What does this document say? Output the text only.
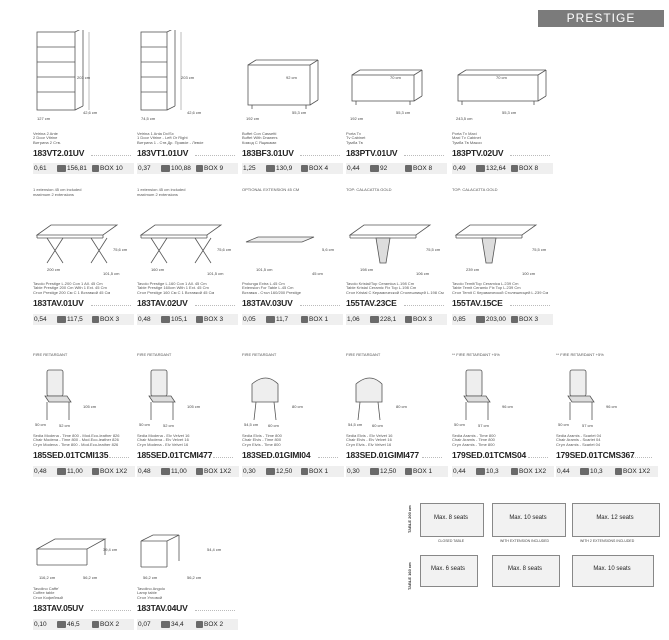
PRESTIGE
127 cm
42,6 cm
203 cm
Vetrina 2 Ante
2 Door Vitrine
Витрина 2 Ств.
183VT2.01UV
0,61	156,81	BOX 10
74,5 cm
42,6 cm
203 cm
Vetrina 1 Anta Dx/Sx
1 Door Vitrine - Left Or Right
Витрина 1 - Ств Др. Правóе - Левóе
183VT1.01UV
0,37	100,88	BOX 9
192 cm
55,3 cm
92 cm
Buffet Con Cassetti
Buffet With Drawers
Комод С Ящиками
183BF3.01UV
1,25	130,9	BOX 4
192 cm
55,3 cm
70 cm
Porta Tv
Tv Cabinet
Тумба Тв
183PTV.01UV
0,44	92	BOX 8
243,5 cm
55,3 cm
70 cm
Porta Tv Maxi
Maxi Tv Cabinet
Тумба Тв Макси
183PTV.02UV
0,49	132,64	BOX 8
1 extension 45 cm included
maximum 2 extensions
200 cm
101,5 cm
75,6 cm
Tavolo Prestige L.200 Con 1 All. 45 Cm
Table Prestige 200 Cm With 1 Ext. 45 Cm
Стол Prestige 200 См С 1 Вставкой 45 См
183TAV.01UV
0,54	117,5	BOX 3
1 extension 45 cm included
maximum 2 extensions
160 cm
101,5 cm
75,6 cm
Tavolo Prestige L.160 Con 1 All. 45 Cm
Table Prestige 160cm With 1 Ext. 45 Cm
Стол Prestige 160 См С 1 Вставкой 45 См
183TAV.02UV
0,48	105,1	BOX 3
OPTIONAL EXTENSION 45 CM
101,5 cm
45 cm
5,6 cm
Prolunga Extra L.45 Cm
Extension For Table L.45 Cm
Вставка - Стол 160/200 Prestige
183TAV.03UV
0,05	11,7	BOX 1
TOP: CALACATTA GOLD
198 cm
106 cm
75,5 cm
Tavolo Kristal/Top Ceramica L.198 Cm
Table Kristal Ceramic Fix Top L.198 Cm
Стол Kristal С Керамической Столешницей L.198 См
155TAV.23CE
1,06	228,1	BOX 3
TOP: CALACATTA GOLD
239 cm
100 cm
75,5 cm
Tavolo Temit/Top Ceramica L.239 Cm
Table Temit Ceramic Fix Top L.239 Cm
Стол Temit С Керамической Столешницей L.239 См
155TAV.15CE
0,85	203,00	BOX 3
FIRE RETARDANT
50 cm	52 cm
105 cm
Sedia Modena - Time 800 - Mod.Eco-leather 826
Chair Modena - Time 800 - Mod.Eco-leather 826
Стул Modena - Time 800 - Mod.Eco-leather 826
185SED.01TCMI135
0,48	11,00	BOX 1X2
FIRE RETARDANT
50 cm	52 cm
105 cm
Sedia Modena - Elv Velvet 16
Chair Modena - Elv Velvet 16
Стул Modena - Elv Velvet 16
185SED.01TCMI477
0,48	11,00	BOX 1X2
FIRE RETARDANT
54,5 cm 60 cm
80 cm
Sedia Elvis - Time 800
Chair Elvis - Time 800
Стул Elvis - Time 800
183SED.01GIMI04
0,30	12,50	BOX 1
FIRE RETARDANT
54,5 cm 60 cm
80 cm
Sedia Elvis - Elv Velvet 16
Chair Elvis - Elv Velvet 16
Стул Elvis - Elv Velvet 16
183SED.01GIMI477
0,30	12,50	BOX 1
** FIRE RETARDANT +5%
50 cm	57 cm
96 cm
Sedia Aramis - Time 800
Chair Aramis - Time 800
Стул Aramis - Time 800
179SED.01TCMS04
0,44	10,3	BOX 1X2
** FIRE RETARDANT +5%
50 cm	57 cm
96 cm
Sedia Aramis - Scarlet 04
Chair Aramis - Scarlet 04
Стул Aramis - Scarlet 04
179SED.01TCMS367
0,44	10,3	BOX 1X2
116,2 cm	56,2 cm
39,4 cm
Tavolino Caffe'
Coffee table
Стол Кофейный
183TAV.05UV
0,10	46,5	BOX 2
56,2 cm	56,2 cm
54,4 cm
Tavolino Angolo
Lamp table
Стол Угловой
183TAV.04UV
0,07	34,4	BOX 2
TABLE 200 cm
TABLE 160 cm
Max. 8 seats	Max. 10 seats	Max. 12 seats
CLOSED TABLE	WITH EXTENSION INCLUDED	WITH 2 EXTENSIONS INCLUDED
Max. 6 seats	Max. 8 seats	Max. 10 seats
